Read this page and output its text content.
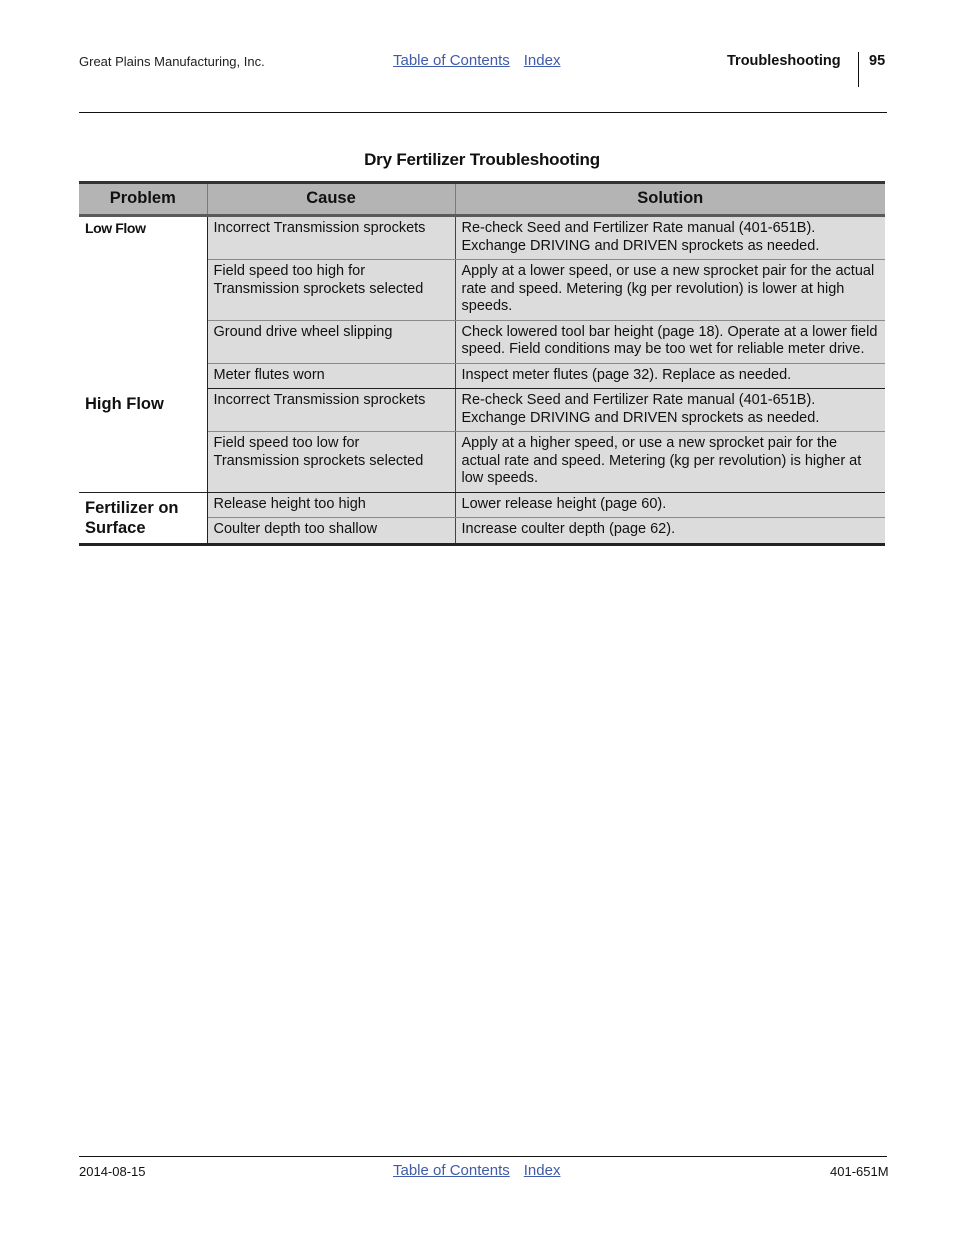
Great Plains Manufacturing, Inc.	Table of Contents Index	Troubleshooting 95
Dry Fertilizer Troubleshooting
Problem	Cause	Solution
Low Flow	Incorrect Transmission sprockets	Re-check Seed and Fertilizer Rate manual (401-651B). Exchange DRIVING and DRIVEN sprockets as needed.
	Field speed too high for Transmission sprockets selected	Apply at a lower speed, or use a new sprocket pair for the actual rate and speed. Metering (kg per revolution) is lower at high speeds.
	Ground drive wheel slipping	Check lowered tool bar height (page 18). Operate at a lower field speed. Field conditions may be too wet for reliable meter drive.
	Meter flutes worn	Inspect meter flutes (page 32). Replace as needed.
High Flow	Incorrect Transmission sprockets	Re-check Seed and Fertilizer Rate manual (401-651B). Exchange DRIVING and DRIVEN sprockets as needed.
	Field speed too low for Transmission sprockets selected	Apply at a higher speed, or use a new sprocket pair for the actual rate and speed. Metering (kg per revolution) is higher at low speeds.
Fertilizer on Surface	Release height too high	Lower release height (page 60).
	Coulter depth too shallow	Increase coulter depth (page 62).
2014-08-15	Table of Contents Index	401-651M
